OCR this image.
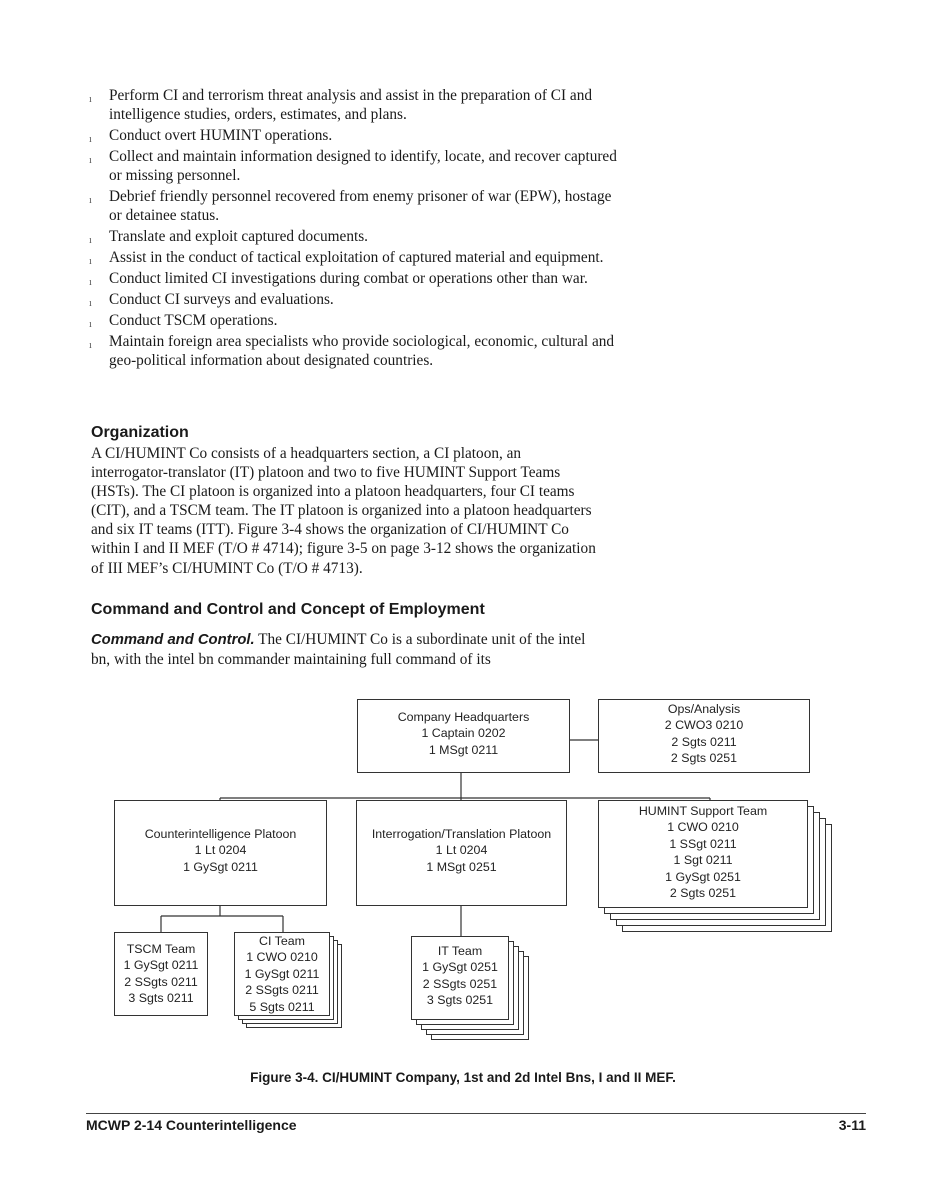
ı Perform CI and terrorism threat analysis and assist in the preparation of CI and intelligence studies, orders, estimates, and plans.
ı Conduct overt HUMINT operations.
ı Collect and maintain information designed to identify, locate, and recover captured or missing personnel.
ı Debrief friendly personnel recovered from enemy prisoner of war (EPW), hostage or detainee status.
ı Translate and exploit captured documents.
ı Assist in the conduct of tactical exploitation of captured material and equipment.
ı Conduct limited CI investigations during combat or operations other than war.
ı Conduct CI surveys and evaluations.
ı Conduct TSCM operations.
ı Maintain foreign area specialists who provide sociological, economic, cultural and geo-political information about designated countries.
Organization

A CI/HUMINT Co consists of a headquarters section, a CI platoon, an interrogator-translator (IT) platoon and two to five HUMINT Support Teams (HSTs). The CI platoon is organized into a platoon headquarters, four CI teams (CIT), and a TSCM team. The IT platoon is organized into a platoon headquarters and six IT teams (ITT). Figure 3-4 shows the organization of CI/HUMINT Co within I and II MEF (T/O # 4714); figure 3-5 on page 3-12 shows the organization of III MEF’s CI/HUMINT Co (T/O # 4713).

Command and Control and Concept of Employment

Command and Control. The CI/HUMINT Co is a subordinate unit of the intel bn, with the intel bn commander maintaining full command of its

Company Headquarters
1 Captain 0202
1 MSgt 0211
Ops/Analysis
2 CWO3 0210
2 Sgts 0211
2 Sgts 0251
Counterintelligence Platoon
1 Lt 0204
1 GySgt 0211
Interrogation/Translation Platoon
1 Lt 0204
1 MSgt 0251
HUMINT Support Team
1 CWO 0210
1 SSgt 0211
1 Sgt 0211
1 GySgt 0251
2 Sgts 0251
TSCM Team
1 GySgt 0211
2 SSgts 0211
3 Sgts 0211
CI Team
1 CWO 0210
1 GySgt 0211
2 SSgts 0211
5 Sgts 0211
IT Team
1 GySgt 0251
2 SSgts 0251
3 Sgts 0251
Figure 3-4. CI/HUMINT Company, 1st and 2d Intel Bns, I and II MEF.
MCWP 2-14 Counterintelligence	3-11
